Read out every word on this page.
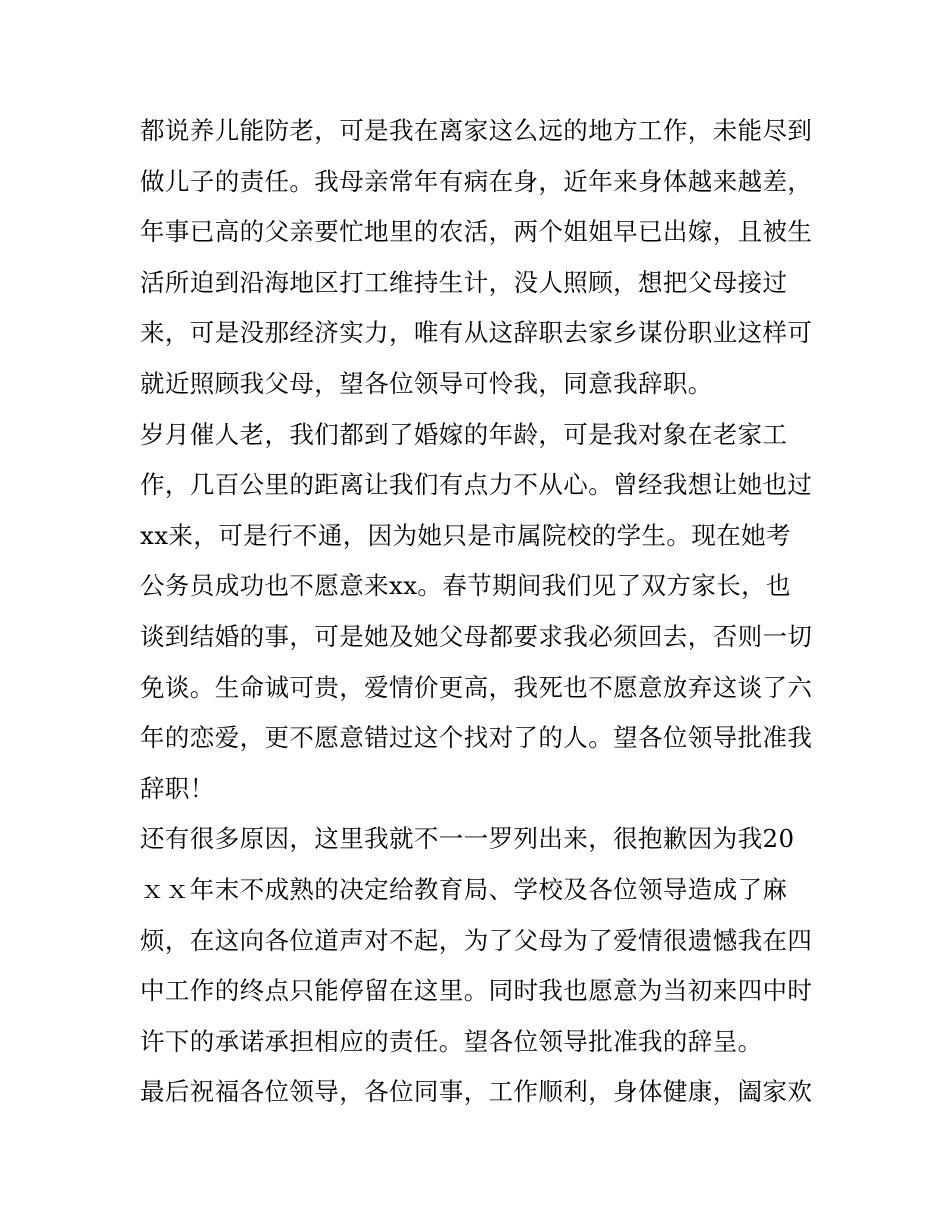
都说养儿能防老，可是我在离家这么远的地方工作，未能尽到
做儿子的责任。我母亲常年有病在身，近年来身体越来越差，
年事已高的父亲要忙地里的农活，两个姐姐早已出嫁，且被生
活所迫到沿海地区打工维持生计，没人照顾，想把父母接过
来，可是没那经济实力，唯有从这辞职去家乡谋份职业这样可
就近照顾我父母，望各位领导可怜我，同意我辞职。
岁月催人老，我们都到了婚嫁的年龄，可是我对象在老家工
作，几百公里的距离让我们有点力不从心。曾经我想让她也过
xx来，可是行不通，因为她只是市属院校的学生。现在她考
公务员成功也不愿意来xx。春节期间我们见了双方家长，也
谈到结婚的事，可是她及她父母都要求我必须回去，否则一切
免谈。生命诚可贵，爱情价更高，我死也不愿意放弃这谈了六
年的恋爱，更不愿意错过这个找对了的人。望各位领导批准我
辞职！
还有很多原因，这里我就不一一罗列出来，很抱歉因为我20
ｘｘ年末不成熟的决定给教育局、学校及各位领导造成了麻
烦，在这向各位道声对不起，为了父母为了爱情很遗憾我在四
中工作的终点只能停留在这里。同时我也愿意为当初来四中时
许下的承诺承担相应的责任。望各位领导批准我的辞呈。
最后祝福各位领导，各位同事，工作顺利，身体健康，阖家欢
